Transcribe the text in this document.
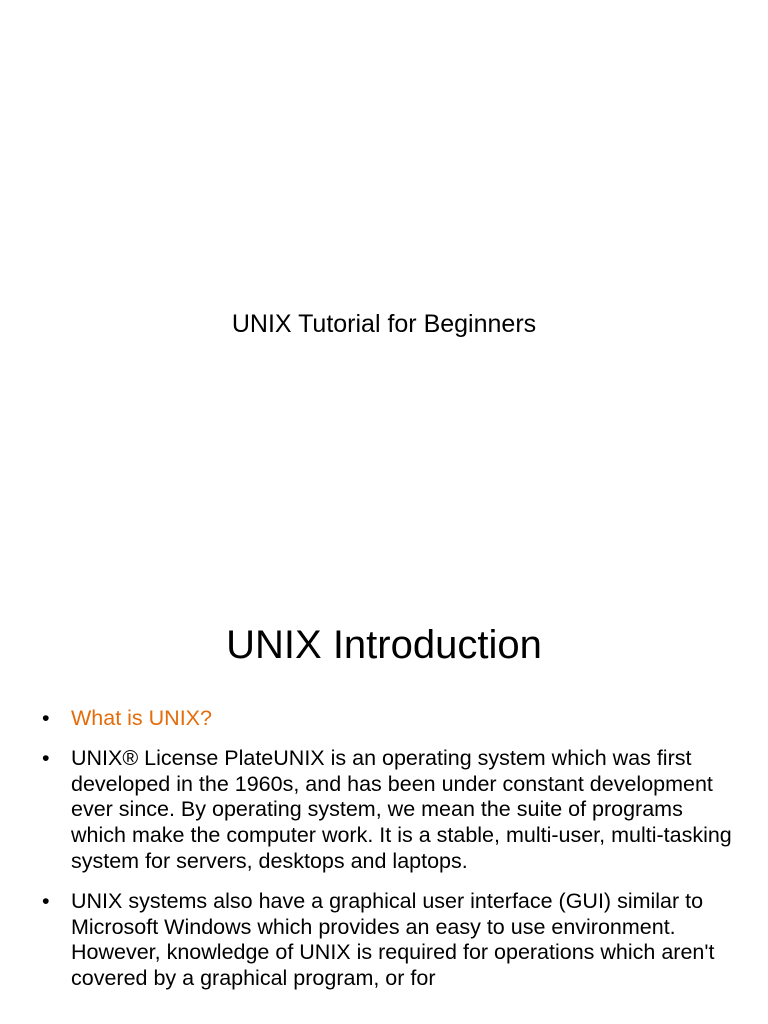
UNIX Tutorial for Beginners
UNIX Introduction
• What is UNIX?
• UNIX® License PlateUNIX is an operating system which was first developed in the 1960s, and has been under constant development ever since. By operating system, we mean the suite of programs which make the computer work. It is a stable, multi-user, multi-tasking system for servers, desktops and laptops.
• UNIX systems also have a graphical user interface (GUI) similar to Microsoft Windows which provides an easy to use environment. However, knowledge of UNIX is required for operations which aren't covered by a graphical program, or for
